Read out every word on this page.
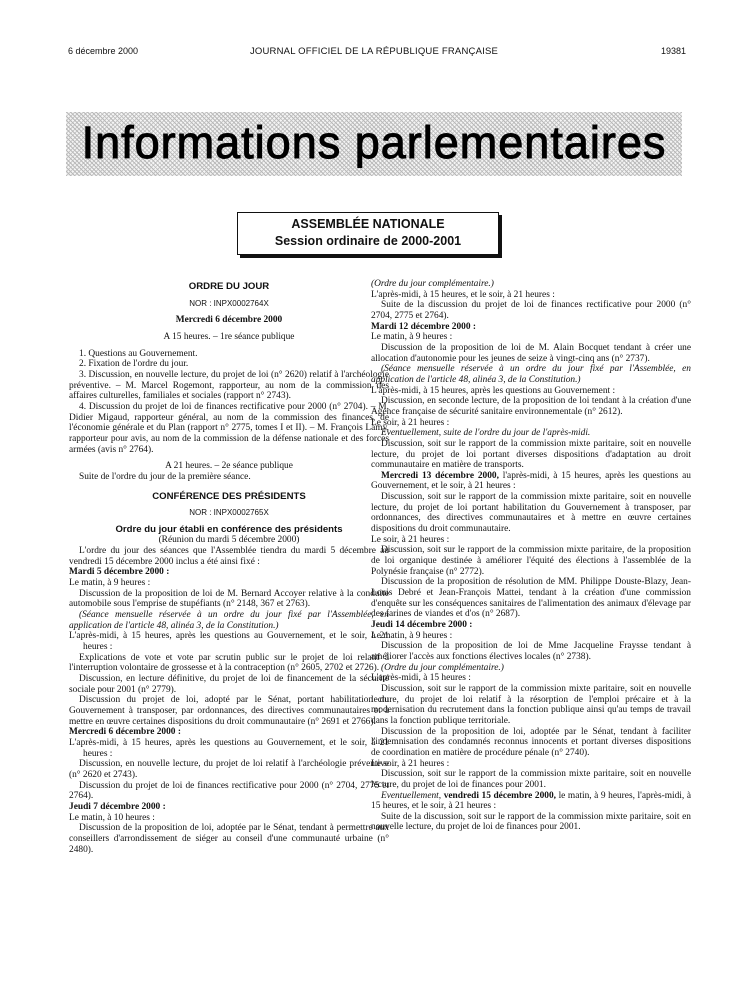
6 décembre 2000	JOURNAL OFFICIEL DE LA RÉPUBLIQUE FRANÇAISE	19381
Informations parlementaires
ASSEMBLÉE NATIONALE
Session ordinaire de 2000-2001
ORDRE DU JOUR
NOR : INPX0002764X

Mercredi 6 décembre 2000

A 15 heures. – 1re séance publique

1. Questions au Gouvernement.

2. Fixation de l'ordre du jour.

3. Discussion, en nouvelle lecture, du projet de loi (n° 2620) relatif à l'archéologie préventive. – M. Marcel Rogemont, rapporteur, au nom de la commission des affaires culturelles, familiales et sociales (rapport n° 2743).

4. Discussion du projet de loi de finances rectificative pour 2000 (n° 2704). – M. Didier Migaud, rapporteur général, au nom de la commission des finances, de l'économie générale et du Plan (rapport n° 2775, tomes I et II). – M. François Lamy, rapporteur pour avis, au nom de la commission de la défense nationale et des forces armées (avis n° 2764).

A 21 heures. – 2e séance publique

Suite de l'ordre du jour de la première séance.

CONFÉRENCE DES PRÉSIDENTS
NOR : INPX0002765X

Ordre du jour établi en conférence des présidents

(Réunion du mardi 5 décembre 2000)

L'ordre du jour des séances que l'Assemblée tiendra du mardi 5 décembre au vendredi 15 décembre 2000 inclus a été ainsi fixé :

Mardi 5 décembre 2000 :

Le matin, à 9 heures :

Discussion de la proposition de loi de M. Bernard Accoyer relative à la conduite automobile sous l'emprise de stupéfiants (n° 2148, 367 et 2763).

(Séance mensuelle réservée à un ordre du jour fixé par l'Assemblée, en application de l'article 48, alinéa 3, de la Constitution.)

L'après-midi, à 15 heures, après les questions au Gouvernement, et le soir, à 21 heures :

Explications de vote et vote par scrutin public sur le projet de loi relatif à l'interruption volontaire de grossesse et à la contraception (n° 2605, 2702 et 2726).

Discussion, en lecture définitive, du projet de loi de financement de la sécurité sociale pour 2001 (n° 2779).

Discussion du projet de loi, adopté par le Sénat, portant habilitation du Gouvernement à transposer, par ordonnances, des directives communautaires et à mettre en œuvre certaines dispositions du droit communautaire (n° 2691 et 2766).

Mercredi 6 décembre 2000 :

L'après-midi, à 15 heures, après les questions au Gouvernement, et le soir, à 21 heures :

Discussion, en nouvelle lecture, du projet de loi relatif à l'archéologie préventive (n° 2620 et 2743).

Discussion du projet de loi de finances rectificative pour 2000 (n° 2704, 2775 et 2764).

Jeudi 7 décembre 2000 :

Le matin, à 10 heures :

Discussion de la proposition de loi, adoptée par le Sénat, tendant à permettre aux conseillers d'arrondissement de siéger au conseil d'une communauté urbaine (n° 2480).

(Ordre du jour complémentaire.)

L'après-midi, à 15 heures, et le soir, à 21 heures :

Suite de la discussion du projet de loi de finances rectificative pour 2000 (n° 2704, 2775 et 2764).

Mardi 12 décembre 2000 :

Le matin, à 9 heures :

Discussion de la proposition de loi de M. Alain Bocquet tendant à créer une allocation d'autonomie pour les jeunes de seize à vingt-cinq ans (n° 2737).

(Séance mensuelle réservée à un ordre du jour fixé par l'Assemblée, en application de l'article 48, alinéa 3, de la Constitution.)

L'après-midi, à 15 heures, après les questions au Gouvernement :

Discussion, en seconde lecture, de la proposition de loi tendant à la création d'une Agence française de sécurité sanitaire environnementale (n° 2612).

Le soir, à 21 heures :

Eventuellement, suite de l'ordre du jour de l'après-midi.

Discussion, soit sur le rapport de la commission mixte paritaire, soit en nouvelle lecture, du projet de loi portant diverses dispositions d'adaptation au droit communautaire en matière de transports.

Mercredi 13 décembre 2000, l'après-midi, à 15 heures, après les questions au Gouvernement, et le soir, à 21 heures :

Discussion, soit sur le rapport de la commission mixte paritaire, soit en nouvelle lecture, du projet de loi portant habilitation du Gouvernement à transposer, par ordonnances, des directives communautaires et à mettre en œuvre certaines dispositions du droit communautaire.

Le soir, à 21 heures :

Discussion, soit sur le rapport de la commission mixte paritaire, de la proposition de loi organique destinée à améliorer l'équité des élections à l'assemblée de la Polynésie française (n° 2772).

Discussion de la proposition de résolution de MM. Philippe Douste-Blazy, Jean-Louis Debré et Jean-François Mattei, tendant à la création d'une commission d'enquête sur les conséquences sanitaires de l'alimentation des animaux d'élevage par des farines de viandes et d'os (n° 2687).

Jeudi 14 décembre 2000 :

Le matin, à 9 heures :

Discussion de la proposition de loi de Mme Jacqueline Fraysse tendant à améliorer l'accès aux fonctions électives locales (n° 2738).

(Ordre du jour complémentaire.)

L'après-midi, à 15 heures :

Discussion, soit sur le rapport de la commission mixte paritaire, soit en nouvelle lecture, du projet de loi relatif à la résorption de l'emploi précaire et à la modernisation du recrutement dans la fonction publique ainsi qu'au temps de travail dans la fonction publique territoriale.

Discussion de la proposition de loi, adoptée par le Sénat, tendant à faciliter l'indemnisation des condamnés reconnus innocents et portant diverses dispositions de coordination en matière de procédure pénale (n° 2740).

Le soir, à 21 heures :

Discussion, soit sur le rapport de la commission mixte paritaire, soit en nouvelle lecture, du projet de loi de finances pour 2001.

Eventuellement, vendredi 15 décembre 2000, le matin, à 9 heures, l'après-midi, à 15 heures, et le soir, à 21 heures :

Suite de la discussion, soit sur le rapport de la commission mixte paritaire, soit en nouvelle lecture, du projet de loi de finances pour 2001.
